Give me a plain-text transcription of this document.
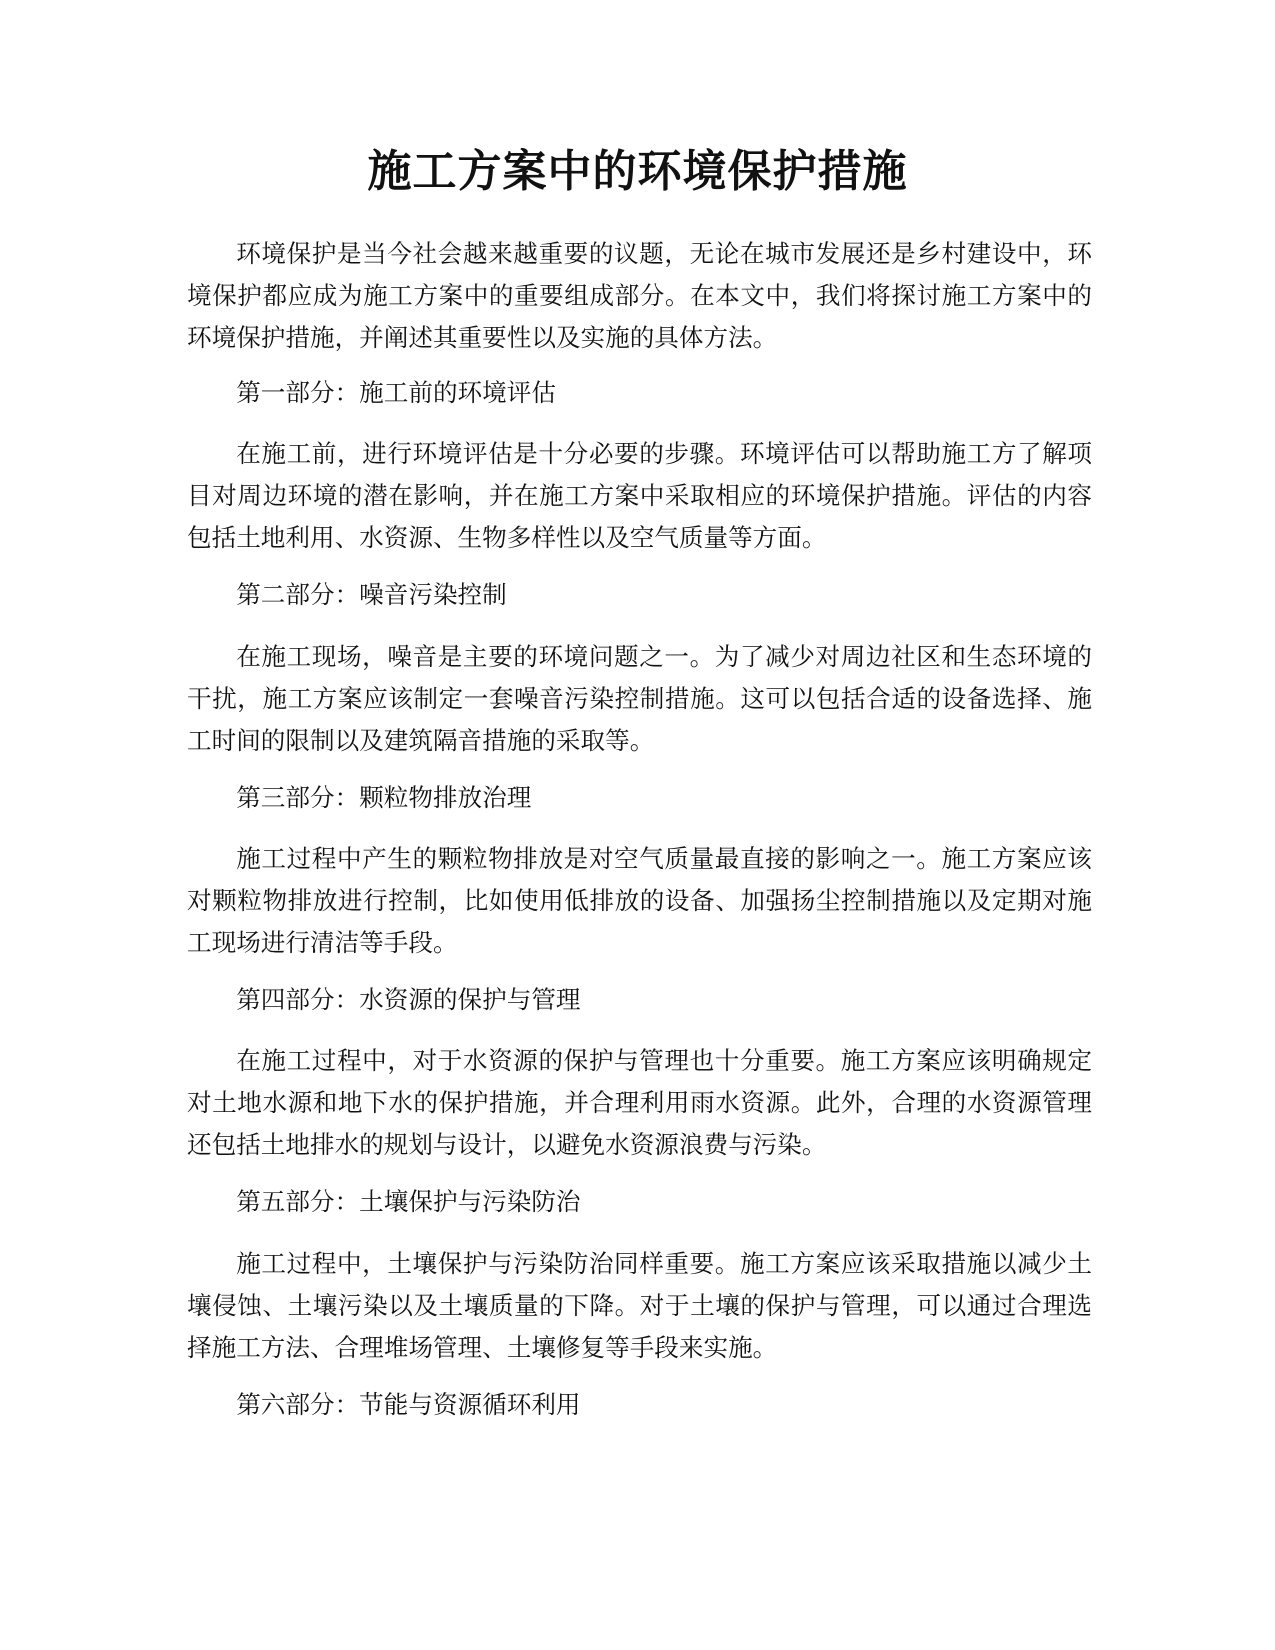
施工方案中的环境保护措施

环境保护是当今社会越来越重要的议题，无论在城市发展还是乡村建设中，环境保护都应成为施工方案中的重要组成部分。在本文中，我们将探讨施工方案中的环境保护措施，并阐述其重要性以及实施的具体方法。

第一部分：施工前的环境评估

在施工前，进行环境评估是十分必要的步骤。环境评估可以帮助施工方了解项目对周边环境的潜在影响，并在施工方案中采取相应的环境保护措施。评估的内容包括土地利用、水资源、生物多样性以及空气质量等方面。

第二部分：噪音污染控制

在施工现场，噪音是主要的环境问题之一。为了减少对周边社区和生态环境的干扰，施工方案应该制定一套噪音污染控制措施。这可以包括合适的设备选择、施工时间的限制以及建筑隔音措施的采取等。

第三部分：颗粒物排放治理

施工过程中产生的颗粒物排放是对空气质量最直接的影响之一。施工方案应该对颗粒物排放进行控制，比如使用低排放的设备、加强扬尘控制措施以及定期对施工现场进行清洁等手段。

第四部分：水资源的保护与管理

在施工过程中，对于水资源的保护与管理也十分重要。施工方案应该明确规定对土地水源和地下水的保护措施，并合理利用雨水资源。此外，合理的水资源管理还包括土地排水的规划与设计，以避免水资源浪费与污染。

第五部分：土壤保护与污染防治

施工过程中，土壤保护与污染防治同样重要。施工方案应该采取措施以减少土壤侵蚀、土壤污染以及土壤质量的下降。对于土壤的保护与管理，可以通过合理选择施工方法、合理堆场管理、土壤修复等手段来实施。

第六部分：节能与资源循环利用
